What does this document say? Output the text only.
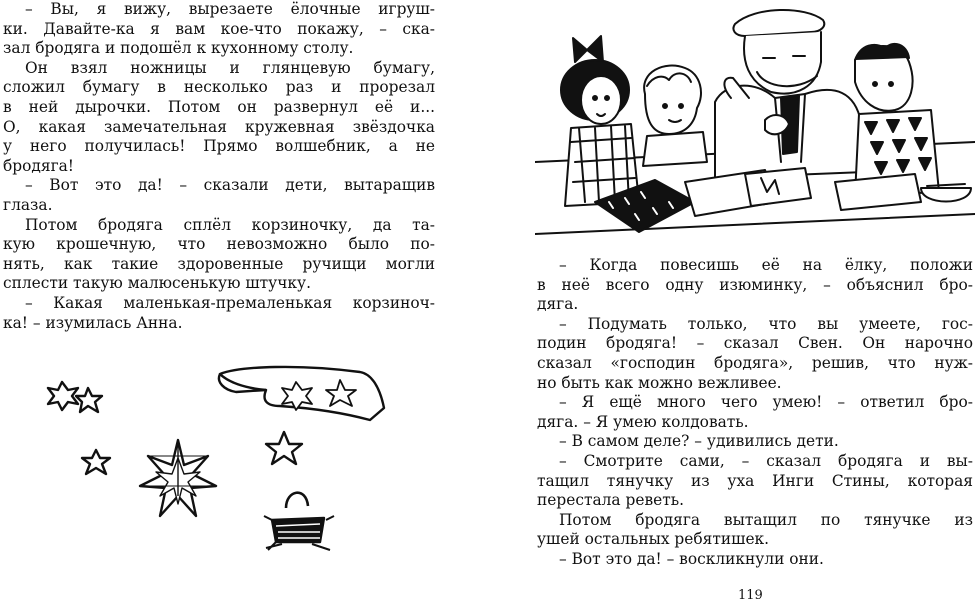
– Вы, я вижу, вырезаете ёлочные игруш-
ки. Давайте-ка я вам кое-что покажу, – ска-
зал бродяга и подошёл к кухонному столу.
Он взял ножницы и глянцевую бумагу,
сложил бумагу в несколько раз и прорезал
в ней дырочки. Потом он развернул её и...
О, какая замечательная кружевная звёздочка
у него получилась! Прямо волшебник, а не
бродяга!
– Вот это да! – сказали дети, вытаращив
глаза.
Потом бродяга сплёл корзиночку, да та-
кую крошечную, что невозможно было по-
нять, как такие здоровенные ручищи могли
сплести такую малюсенькую штучку.
– Какая маленькая-премаленькая корзиноч-
ка! – изумилась Анна.
– Когда повесишь её на ёлку, положи
в неё всего одну изюминку, – объяснил бро-
дяга.
– Подумать только, что вы умеете, гос-
подин бродяга! – сказал Свен. Он нарочно
сказал «господин бродяга», решив, что нуж-
но быть как можно вежливее.
– Я ещё много чего умею! – ответил бро-
дяга. – Я умею колдовать.
– В самом деле? – удивились дети.
– Смотрите сами, – сказал бродяга и вы-
тащил тянучку из уха Инги Стины, которая
перестала реветь.
Потом бродяга вытащил по тянучке из
ушей остальных ребятишек.
– Вот это да! – воскликнули они.
119
